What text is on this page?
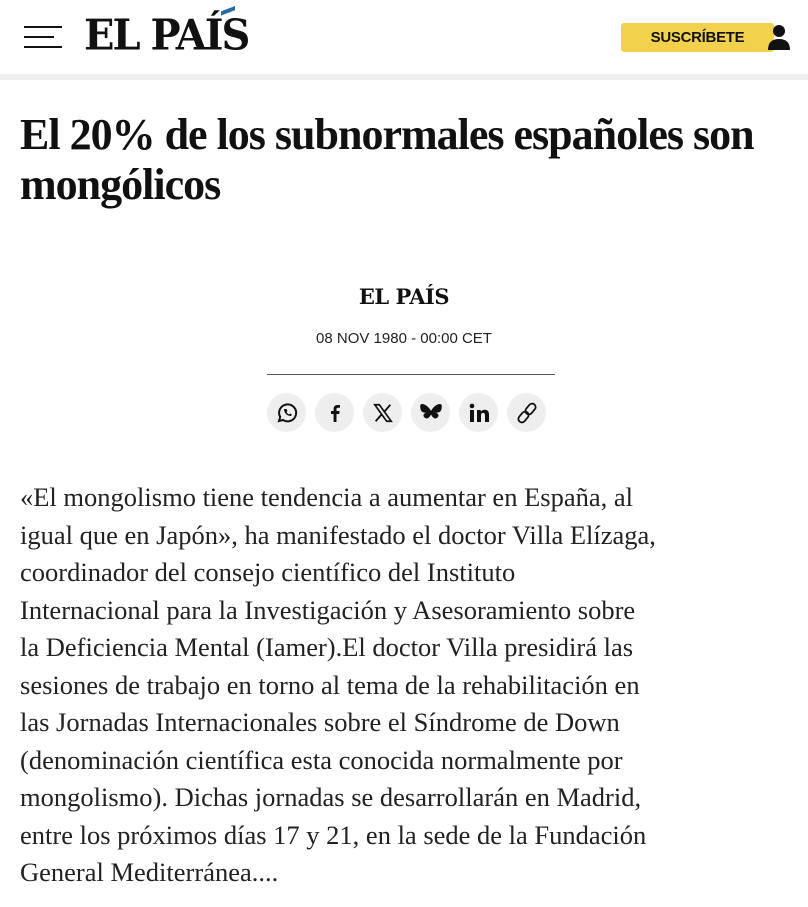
EL PAÍS	SUSCRÍBETE
El 20% de los subnormales españoles son mongólicos
EL PAÍS
08 NOV 1980 - 00:00 CET
«El mongolismo tiene tendencia a aumentar en España, al
igual que en Japón», ha manifestado el doctor Villa Elízaga,
coordinador del consejo científico del Instituto
Internacional para la Investigación y Asesoramiento sobre
la Deficiencia Mental (Iamer).El doctor Villa presidirá las
sesiones de trabajo en torno al tema de la rehabilitación en
las Jornadas Internacionales sobre el Síndrome de Down
(denominación científica esta conocida normalmente por
mongolismo). Dichas jornadas se desarrollarán en Madrid,
entre los próximos días 17 y 21, en la sede de la Fundación
General Mediterránea....
